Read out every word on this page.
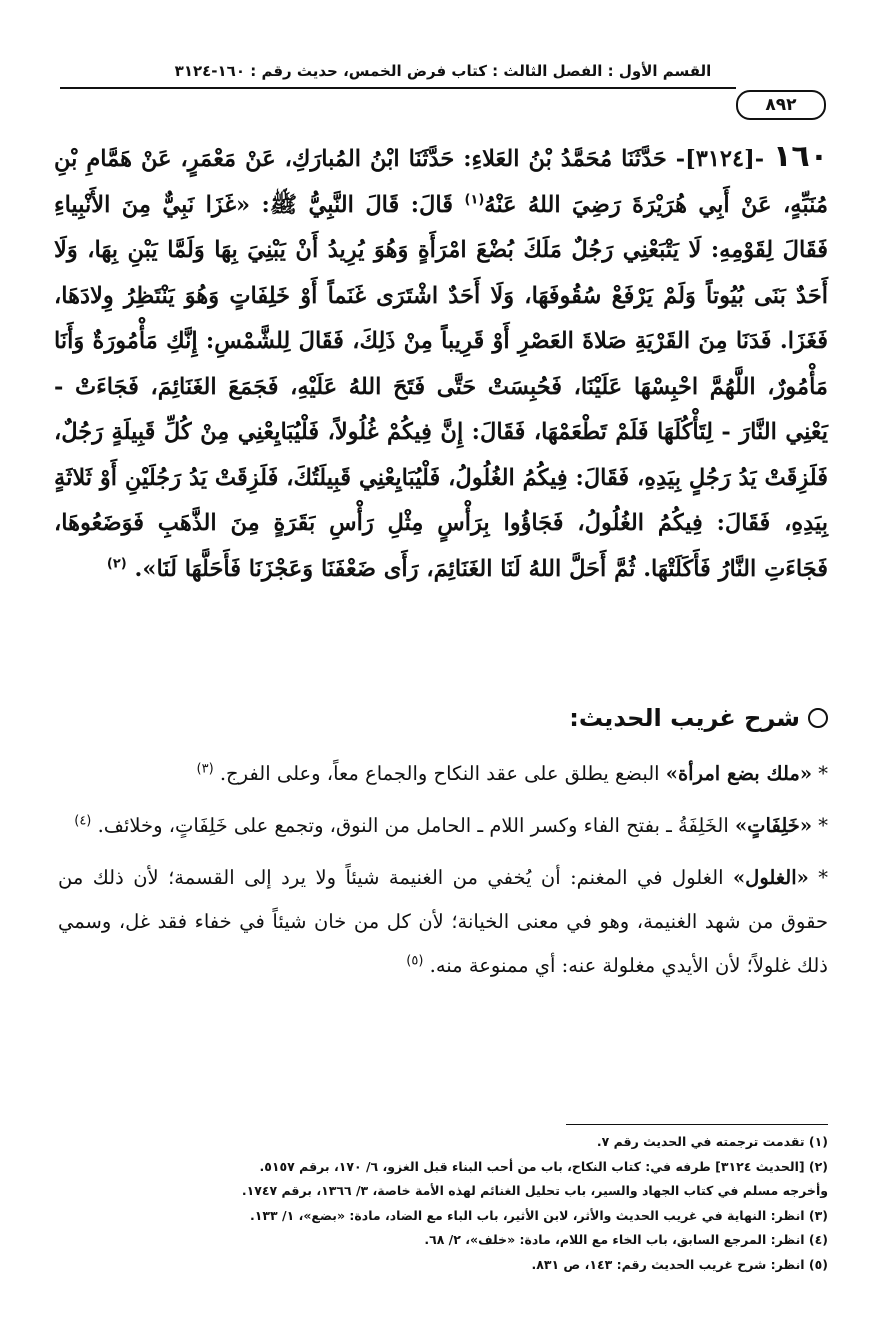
القسم الأول : الفصل الثالث : كتاب فرض الخمس، حديث رقم : ١٦٠-٣١٢٤
٨٩٢
١٦٠ -[٣١٢٤]- حَدَّثَنَا مُحَمَّدُ بْنُ العَلاءِ: حَدَّثَنَا ابْنُ المُبارَكِ، عَنْ مَعْمَرٍ، عَنْ هَمَّامِ بْنِ مُنَبِّهٍ، عَنْ أَبِي هُرَيْرَةَ رَضِيَ اللهُ عَنْهُ$^{(١)}$ قَالَ: قَالَ النَّبِيُّ ﷺ: «غَزَا نَبِيٌّ مِنَ الأَنْبِياءِ فَقَالَ لِقَوْمِهِ: لَا يَتْبَعْنِي رَجُلٌ مَلَكَ بُضْعَ امْرَأَةٍ وَهُوَ يُرِيدُ أَنْ يَبْنِيَ بِهَا وَلَمَّا يَبْنِ بِهَا، وَلَا أَحَدٌ بَنَى بُيُوتاً وَلَمْ يَرْفَعْ سُقُوفَهَا، وَلَا أَحَدٌ اشْتَرَى غَنَماً أَوْ خَلِفَاتٍ وَهُوَ يَنْتَظِرُ وِلادَهَا، فَغَزَا. فَدَنَا مِنَ القَرْيَةِ صَلاةَ العَصْرِ أَوْ قَرِيباً مِنْ ذَلِكَ، فَقَالَ لِلشَّمْسِ: إِنَّكِ مَأْمُورَةٌ وَأَنَا مَأْمُورٌ، اللَّهُمَّ احْبِسْهَا عَلَيْنَا، فَحُبِسَتْ حَتَّى فَتَحَ اللهُ عَلَيْهِ، فَجَمَعَ الغَنَائِمَ، فَجَاءَتْ - يَعْنِي النَّارَ - لِتَأْكُلَهَا فَلَمْ تَطْعَمْهَا، فَقَالَ: إِنَّ فِيكُمْ غُلُولاً، فَلْيُبَايِعْنِي مِنْ كُلِّ قَبِيلَةٍ رَجُلٌ، فَلَزِقَتْ يَدُ رَجُلٍ بِيَدِهِ، فَقَالَ: فِيكُمُ الغُلُولُ، فَلْيُبَايِعْنِي قَبِيلَتُكَ، فَلَزِقَتْ يَدُ رَجُلَيْنِ أَوْ ثَلاثَةٍ بِيَدِهِ، فَقَالَ: فِيكُمُ الغُلُولُ، فَجَاؤُوا بِرَأْسٍ مِثْلِ رَأْسِ بَقَرَةٍ مِنَ الذَّهَبِ فَوَضَعُوهَا، فَجَاءَتِ النَّارُ فَأَكَلَتْهَا. ثُمَّ أَحَلَّ اللهُ لَنَا الغَنَائِمَ، رَأَى ضَعْفَنَا وَعَجْزَنَا فَأَحَلَّهَا لَنَا». $^{(٢)}$
شرح غريب الحديث:

* «ملك بضع امرأة» البضع يطلق على عقد النكاح والجماع معاً، وعلى الفرج. $^{(٣)}$

* «خَلِفَاتٍ» الخَلِفَةُ ـ بفتح الفاء وكسر اللام ـ الحامل من النوق، وتجمع على خَلِفَاتٍ، وخلائف. $^{(٤)}$

* «الغلول» الغلول في المغنم: أن يُخفي من الغنيمة شيئاً ولا يرد إلى القسمة؛ لأن ذلك من حقوق من شهد الغنيمة، وهو في معنى الخيانة؛ لأن كل من خان شيئاً في خفاء فقد غل، وسمي ذلك غلولاً؛ لأن الأيدي مغلولة عنه: أي ممنوعة منه. $^{(٥)}$

(١) تقدمت ترجمته في الحديث رقم ٧.
(٢) [الحديث ٣١٢٤] طرفه في: كتاب النكاح، باب من أحب البناء قبل الغزو، ٦/ ١٧٠، برقم ٥١٥٧.
وأخرجه مسلم في كتاب الجهاد والسير، باب تحليل الغنائم لهذه الأمة خاصة، ٣/ ١٣٦٦، برقم ١٧٤٧.
(٣) انظر: النهاية في غريب الحديث والأثر، لابن الأثير، باب الباء مع الضاد، مادة: «بضع»، ١/ ١٣٣.
(٤) انظر: المرجع السابق، باب الخاء مع اللام، مادة: «خلف»، ٢/ ٦٨.
(٥) انظر: شرح غريب الحديث رقم: ١٤٣، ص ٨٣١.
